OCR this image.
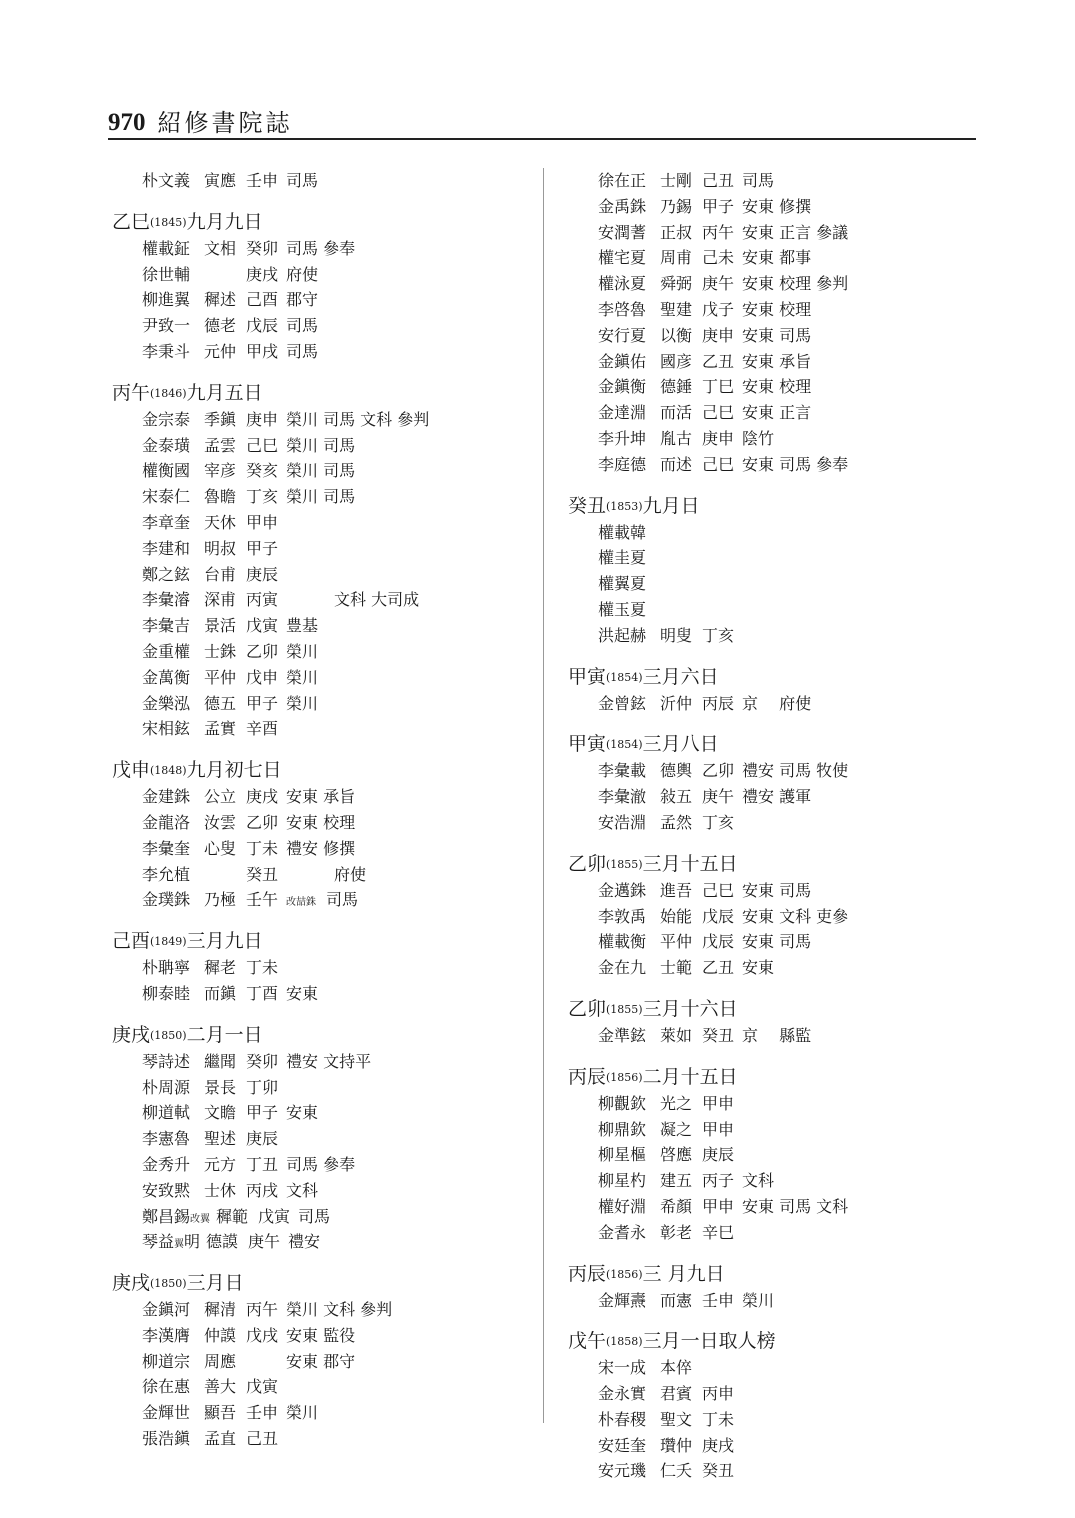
970 紹修書院誌
朴文義 寅應 壬申 司馬
乙巳(1845)九月九日
權載鉦 文相 癸卯 司馬 參奉
徐世輔	庚戌 府使
柳進翼 穉述 己酉 郡守
尹致一 德老 戊辰 司馬
李秉斗 元仲 甲戌 司馬
丙午(1846)九月五日
金宗泰 季鎭 庚申 榮川 司馬 文科 參判
金泰璜 孟雲 己巳 榮川 司馬
權衡國 宰彦 癸亥 榮川 司馬
宋泰仁 魯瞻 丁亥 榮川 司馬
李章奎 天休 甲申
李建和 明叔 甲子
鄭之鉉 台甫 庚辰
李彙濬 深甫 丙寅　　　文科 大司成
李彙吉 景活 戊寅 豊基
金重權 士銖 乙卯 榮川
金萬衡 平仲 戊申 榮川
金樂泓 德五 甲子 榮川
宋相鉉 孟實 辛酉
戊申(1848)九月初七日
金建銖 公立 庚戌 安東 承旨
金龍洛 汝雲 乙卯 安東 校理
李彙奎 心叟 丁未 禮安 修撰
李允植	癸丑　　　府使
金璞銖 乃極 壬午 改喆銖 司馬
己酉(1849)三月九日
朴聃寧 穉老 丁未
柳泰睦 而鎭 丁酉 安東
庚戌(1850)二月一日
琴詩述 繼聞 癸卯 禮安 文持平
朴周源 景長 丁卯
柳道軾 文瞻 甲子 安東
李憲魯 聖述 庚辰
金秀升 元方 丁丑 司馬 參奉
安致黙 士休 丙戌 文科
鄭昌錫改翼 穉範 戊寅 司馬
琴益翼明 德謨 庚午 禮安
庚戌(1850)三月日
金鎭河 穉清 丙午 榮川 文科 參判
李漢膺 仲謨 戊戌 安東 監役
柳道宗 周應	安東 郡守
徐在惠 善大 戊寅
金輝世 顯吾 壬申 榮川
張浩鎭 孟直 己丑
徐在正 士剛 己丑 司馬
金禹銖 乃錫 甲子 安東 修撰
安潤蓍 正叔 丙午 安東 正言 參議
權宅夏 周甫 己未 安東 都事
權泳夏 舜弼 庚午 安東 校理 參判
李啓魯 聖建 戊子 安東 校理
安行夏 以衡 庚申 安東 司馬
金鎭佑 國彦 乙丑 安東 承旨
金鎭衡 德錘 丁巳 安東 校理
金達淵 而活 己巳 安東 正言
李升坤 胤古 庚申 陰竹
李庭德 而述 己巳 安東 司馬 參奉
癸丑(1853)九月日
權載韓
權圭夏
權翼夏
權玉夏
洪起赫 明叟 丁亥
甲寅(1854)三月六日
金曾鉉 沂仲 丙辰 京　 府使
甲寅(1854)三月八日
李彙載 德輿 乙卯 禮安 司馬 牧使
李彙澈 敍五 庚午 禮安 護軍
安浩淵 孟然 丁亥
乙卯(1855)三月十五日
金邁銖 進吾 己巳 安東 司馬
李敦禹 始能 戊辰 安東 文科 吏參
權載衡 平仲 戊辰 安東 司馬
金在九 士範 乙丑 安東
乙卯(1855)三月十六日
金準鉉 萊如 癸丑 京　 縣監
丙辰(1856)二月十五日
柳觀欽 光之 甲申
柳鼎欽 凝之 甲申
柳星樞 啓應 庚辰
柳星杓 建五 丙子 文科
權好淵 希顏 甲申 安東 司馬 文科
金耆永 彰老 辛巳
丙辰(1856)三 月九日
金輝燾 而憲 壬申 榮川
戊午(1858)三月一日取人榜
宋一成 本倅
金永實 君賓 丙申
朴春稷 聖文 丁未
安廷奎 瓚仲 庚戌
安元璣 仁夭 癸丑
